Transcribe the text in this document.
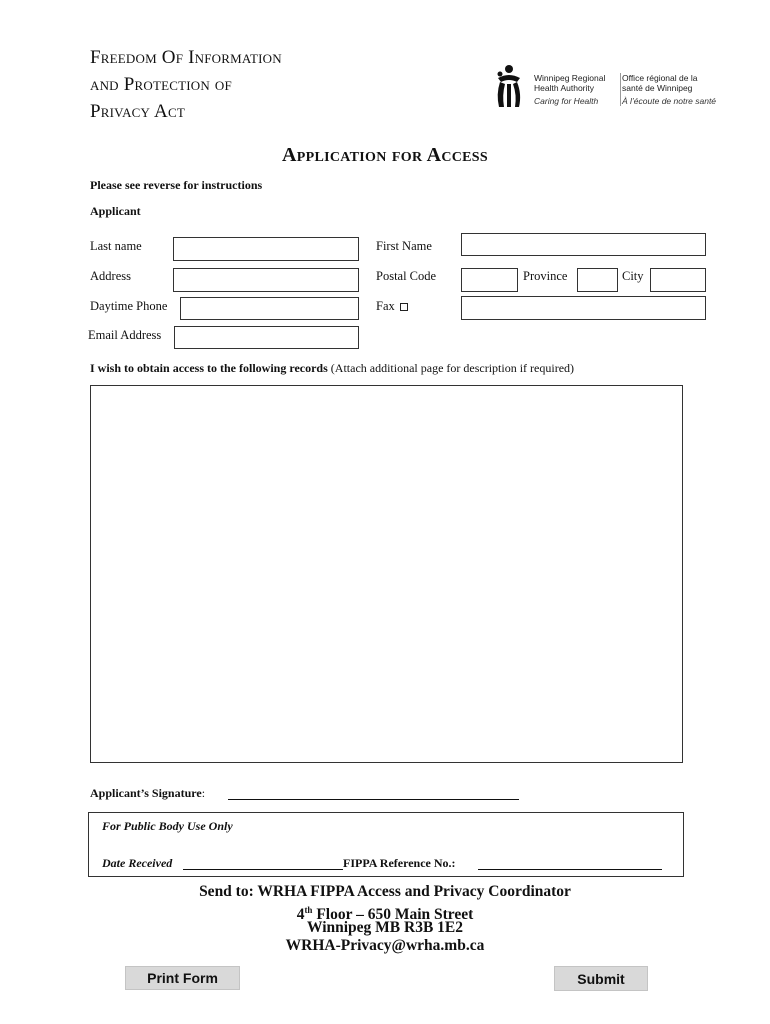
Freedom Of Information
and Protection of
Privacy Act
Winnipeg Regional
Health Authority
Caring for Health
Office régional de la
santé de Winnipeg
À l’écoute de notre santé
Application for Access
Please see reverse for instructions
Applicant
Last name	First Name
Address	Postal Code	Province	City
Daytime Phone	Fax
Email Address
I wish to obtain access to the following records (Attach additional page for description if required)
Applicant’s Signature:
For Public Body Use Only
Date Received	FIPPA Reference No.:
Send to: WRHA FIPPA Access and Privacy Coordinator
4th Floor – 650 Main Street
Winnipeg MB R3B 1E2
WRHA-Privacy@wrha.mb.ca
Print Form	Submit
